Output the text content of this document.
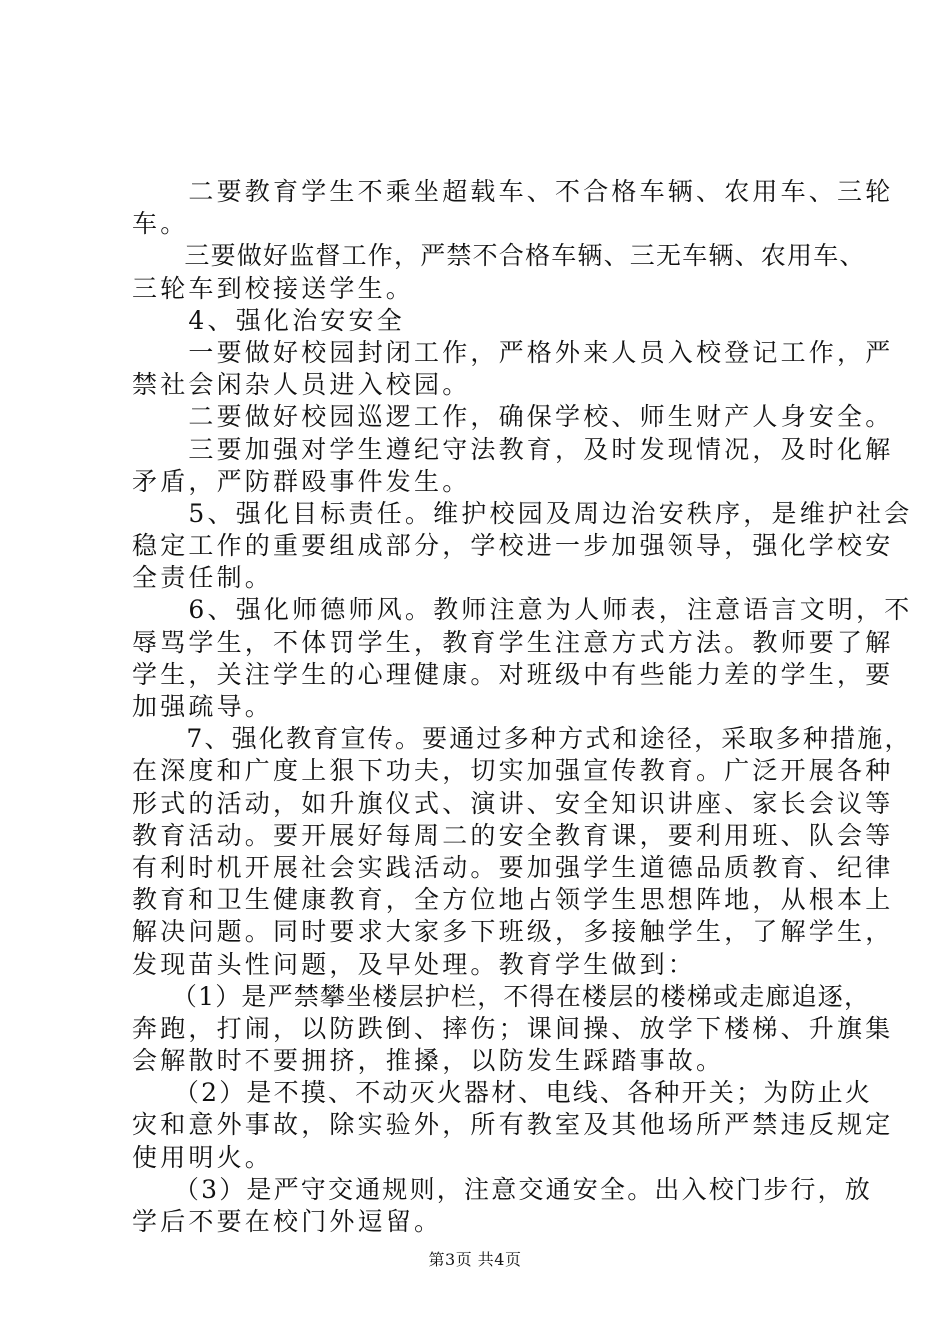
　　二要教育学生不乘坐超载车、不合格车辆、农用车、三轮
车。
　　三要做好监督工作，严禁不合格车辆、三无车辆、农用车、
三轮车到校接送学生。
　　4、强化治安安全
　　一要做好校园封闭工作，严格外来人员入校登记工作，严
禁社会闲杂人员进入校园。
　　二要做好校园巡逻工作，确保学校、师生财产人身安全。
　　三要加强对学生遵纪守法教育，及时发现情况，及时化解
矛盾，严防群殴事件发生。
　　5、强化目标责任。维护校园及周边治安秩序，是维护社会
稳定工作的重要组成部分，学校进一步加强领导，强化学校安
全责任制。
　　6、强化师德师风。教师注意为人师表，注意语言文明，不
辱骂学生，不体罚学生，教育学生注意方式方法。教师要了解
学生，关注学生的心理健康。对班级中有些能力差的学生，要
加强疏导。
　　7、强化教育宣传。要通过多种方式和途径，采取多种措施，
在深度和广度上狠下功夫，切实加强宣传教育。广泛开展各种
形式的活动，如升旗仪式、演讲、安全知识讲座、家长会议等
教育活动。要开展好每周二的安全教育课，要利用班、队会等
有利时机开展社会实践活动。要加强学生道德品质教育、纪律
教育和卫生健康教育，全方位地占领学生思想阵地，从根本上
解决问题。同时要求大家多下班级，多接触学生，了解学生，
发现苗头性问题，及早处理。教育学生做到：
　　（1）是严禁攀坐楼层护栏，不得在楼层的楼梯或走廊追逐，
奔跑，打闹，以防跌倒、摔伤；课间操、放学下楼梯、升旗集
会解散时不要拥挤，推搡，以防发生踩踏事故。
　　（2）是不摸、不动灭火器材、电线、各种开关；为防止火
灾和意外事故，除实验外，所有教室及其他场所严禁违反规定
使用明火。
　　（3）是严守交通规则，注意交通安全。出入校门步行，放
学后不要在校门外逗留。
第3页 共4页
